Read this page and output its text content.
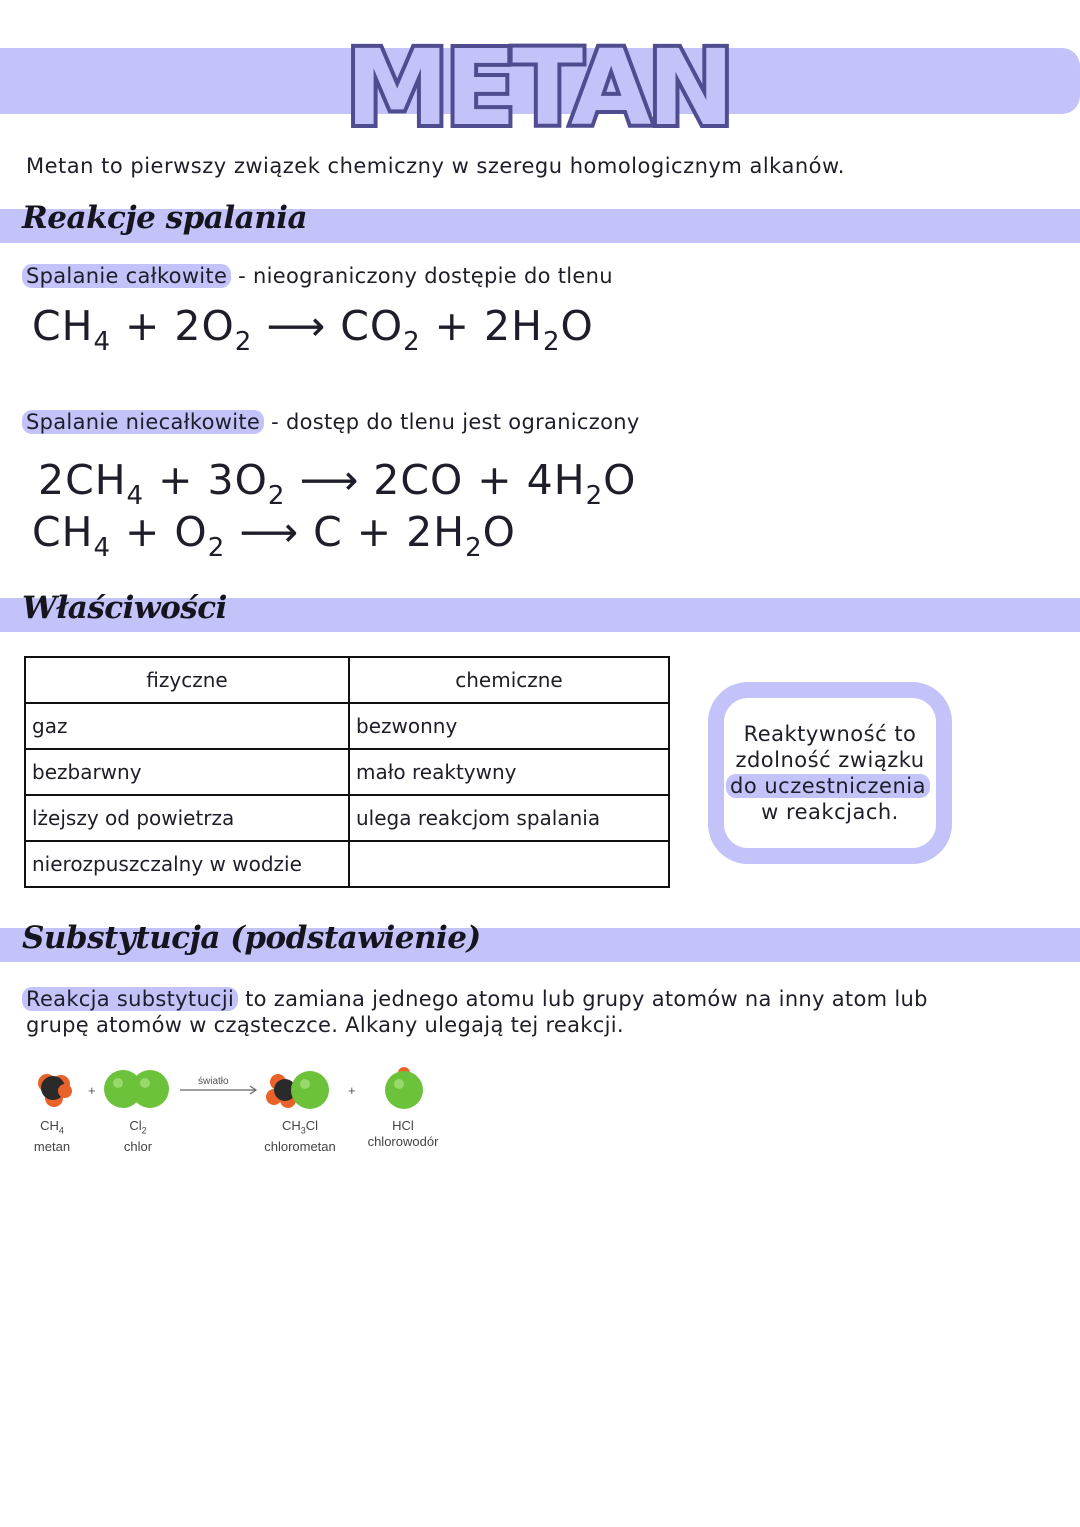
METAN
Metan to pierwszy związek chemiczny w szeregu homologicznym alkanów.
Reakcje spalania
Spalanie całkowite - nieograniczony dostępie do tlenu
$CH_4 + 2O_2$ ⟶ $CO_2 + 2H_2O$
Spalanie niecałkowite - dostęp do tlenu jest ograniczony
$2CH_4 + 3O_2$ ⟶ $2CO + 4H_2O$
$CH_4 + O_2$ ⟶ $C + 2H_2O$
Właściwości
fizyczne	chemiczne
gaz	bezwonny
bezbarwny	mało reaktywny
lżejszy od powietrza	ulega reakcjom spalania
nierozpuszczalny w wodzie	
Reaktywność to
zdolność związku
do uczestniczenia
w reakcjach.
Substytucja (podstawienie)
Reakcja substytucji to zamiana jednego atomu lub grupy atomów na inny atom lub
grupę atomów w cząsteczce. Alkany ulegają tej reakcji.
+
światło
+
$CH_4$
metan
$Cl_2$
chlor
$CH_3Cl$
chlorometan
HCl
chlorowodór
